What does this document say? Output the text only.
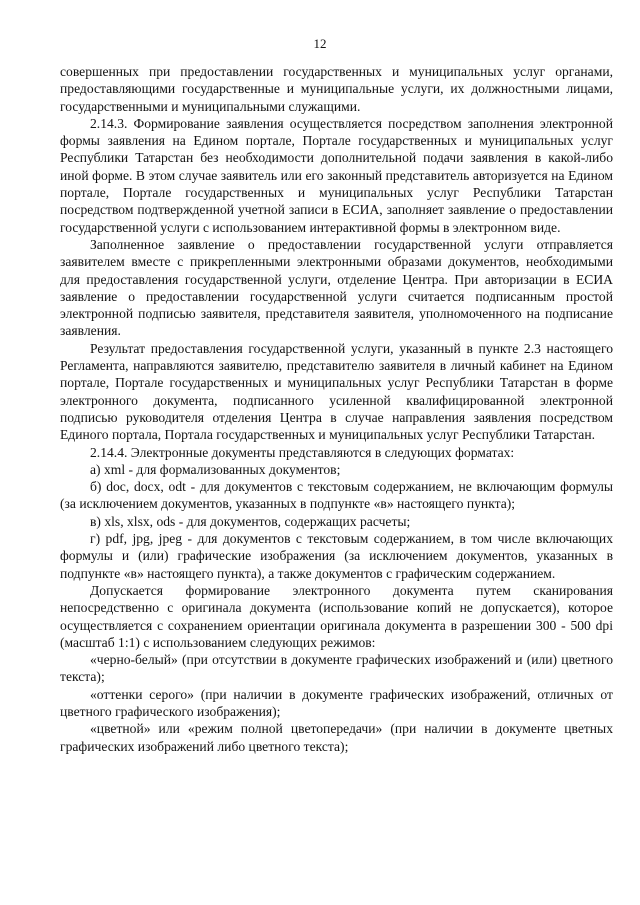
12

совершенных при предоставлении государственных и муниципальных услуг органами, предоставляющими государственные и муниципальные услуги, их должностными лицами, государственными и муниципальными служащими.

2.14.3. Формирование заявления осуществляется посредством заполнения электронной формы заявления на Едином портале, Портале государственных и муниципальных услуг Республики Татарстан без необходимости дополнительной подачи заявления в какой-либо иной форме. В этом случае заявитель или его законный представитель авторизуется на Едином портале, Портале государственных и муниципальных услуг Республики Татарстан посредством подтвержденной учетной записи в ЕСИА, заполняет заявление о предоставлении государственной услуги с использованием интерактивной формы в электронном виде.

Заполненное заявление о предоставлении государственной услуги отправляется заявителем вместе с прикрепленными электронными образами документов, необходимыми для предоставления государственной услуги, отделение Центра. При авторизации в ЕСИА заявление о предоставлении государственной услуги считается подписанным простой электронной подписью заявителя, представителя заявителя, уполномоченного на подписание заявления.

Результат предоставления государственной услуги, указанный в пункте 2.3 настоящего Регламента, направляются заявителю, представителю заявителя в личный кабинет на Едином портале, Портале государственных и муниципальных услуг Республики Татарстан в форме электронного документа, подписанного усиленной квалифицированной электронной подписью руководителя отделения Центра в случае направления заявления посредством Единого портала, Портала государственных и муниципальных услуг Республики Татарстан.

2.14.4. Электронные документы представляются в следующих форматах:

а) xml - для формализованных документов;

б) doc, docx, odt - для документов с текстовым содержанием, не включающим формулы (за исключением документов, указанных в подпункте «в» настоящего пункта);

в) xls, xlsx, ods - для документов, содержащих расчеты;

г) pdf, jpg, jpeg - для документов с текстовым содержанием, в том числе включающих формулы и (или) графические изображения (за исключением документов, указанных в подпункте «в» настоящего пункта), а также документов с графическим содержанием.

Допускается формирование электронного документа путем сканирования непосредственно с оригинала документа (использование копий не допускается), которое осуществляется с сохранением ориентации оригинала документа в разрешении 300 - 500 dpi (масштаб 1:1) с использованием следующих режимов:

«черно-белый» (при отсутствии в документе графических изображений и (или) цветного текста);

«оттенки серого» (при наличии в документе графических изображений, отличных от цветного графического изображения);

«цветной» или «режим полной цветопередачи» (при наличии в документе цветных графических изображений либо цветного текста);
